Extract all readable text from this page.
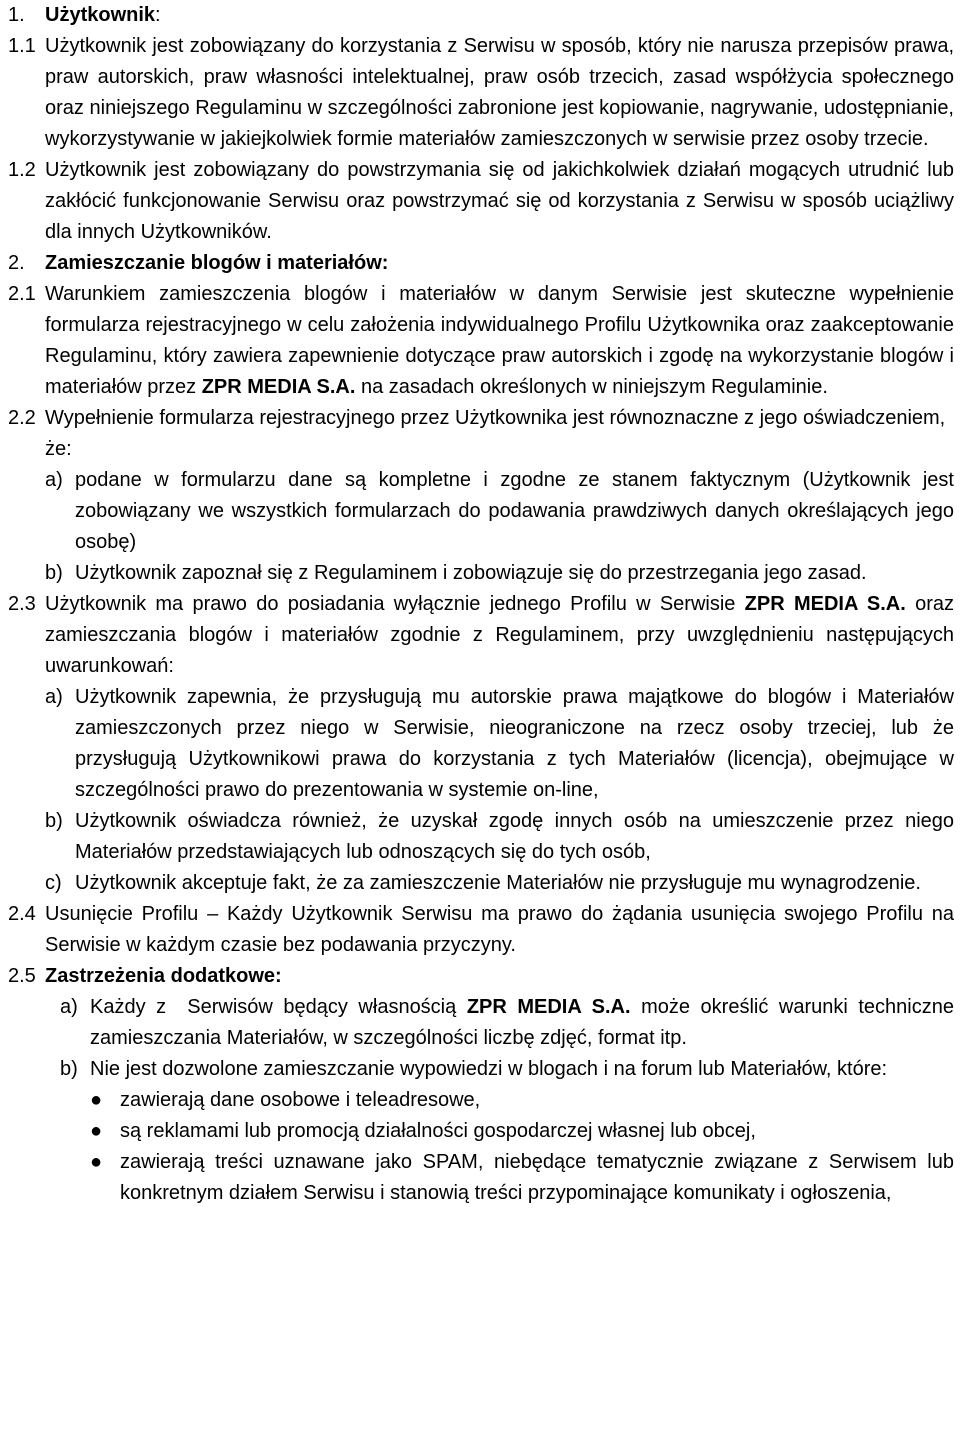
1.	Użytkownik:
1.1 Użytkownik jest zobowiązany do korzystania z Serwisu w sposób, który nie narusza przepisów prawa, praw autorskich, praw własności intelektualnej, praw osób trzecich, zasad współżycia społecznego oraz niniejszego Regulaminu w szczególności zabronione jest kopiowanie, nagrywanie, udostępnianie, wykorzystywanie w jakiejkolwiek formie materiałów zamieszczonych w serwisie przez osoby trzecie.
1.2 Użytkownik jest zobowiązany do powstrzymania się od jakichkolwiek działań mogących utrudnić lub zakłócić funkcjonowanie Serwisu oraz powstrzymać się od korzystania z Serwisu w sposób uciążliwy dla innych Użytkowników.
2.	Zamieszczanie blogów i materiałów:
2.1 Warunkiem zamieszczenia blogów i materiałów w danym Serwisie jest skuteczne wypełnienie formularza rejestracyjnego w celu założenia indywidualnego Profilu Użytkownika oraz zaakceptowanie Regulaminu, który zawiera zapewnienie dotyczące praw autorskich i zgodę na wykorzystanie blogów i materiałów przez ZPR MEDIA S.A. na zasadach określonych w niniejszym Regulaminie.
2.2 Wypełnienie formularza rejestracyjnego przez Użytkownika jest równoznaczne z jego oświadczeniem, że:
a) podane w formularzu dane są kompletne i zgodne ze stanem faktycznym (Użytkownik jest zobowiązany we wszystkich formularzach do podawania prawdziwych danych określających jego osobę)
b) Użytkownik zapoznał się z Regulaminem i zobowiązuje się do przestrzegania jego zasad.
2.3 Użytkownik ma prawo do posiadania wyłącznie jednego Profilu w Serwisie ZPR MEDIA S.A. oraz zamieszczania blogów i materiałów zgodnie z Regulaminem, przy uwzględnieniu następujących uwarunkowań:
a) Użytkownik zapewnia, że przysługują mu autorskie prawa majątkowe do blogów i Materiałów zamieszczonych przez niego w Serwisie, nieograniczone na rzecz osoby trzeciej, lub że przysługują Użytkownikowi prawa do korzystania z tych Materiałów (licencja), obejmujące w szczególności prawo do prezentowania w systemie on-line,
b) Użytkownik oświadcza również, że uzyskał zgodę innych osób na umieszczenie przez niego Materiałów przedstawiających lub odnoszących się do tych osób,
c) Użytkownik akceptuje fakt, że za zamieszczenie Materiałów nie przysługuje mu wynagrodzenie.
2.4 Usunięcie Profilu – Każdy Użytkownik Serwisu ma prawo do żądania usunięcia swojego Profilu na Serwisie w każdym czasie bez podawania przyczyny.
2.5 Zastrzeżenia dodatkowe:
a) Każdy z  Serwisów będący własnością ZPR MEDIA S.A. może określić warunki techniczne zamieszczania Materiałów, w szczególności liczbę zdjęć, format itp.
b) Nie jest dozwolone zamieszczanie wypowiedzi w blogach i na forum lub Materiałów, które:
● zawierają dane osobowe i teleadresowe,
● są reklamami lub promocją działalności gospodarczej własnej lub obcej,
● zawierają treści uznawane jako SPAM, niebędące tematycznie związane z Serwisem lub konkretnym działem Serwisu i stanowią treści przypominające komunikaty i ogłoszenia,
